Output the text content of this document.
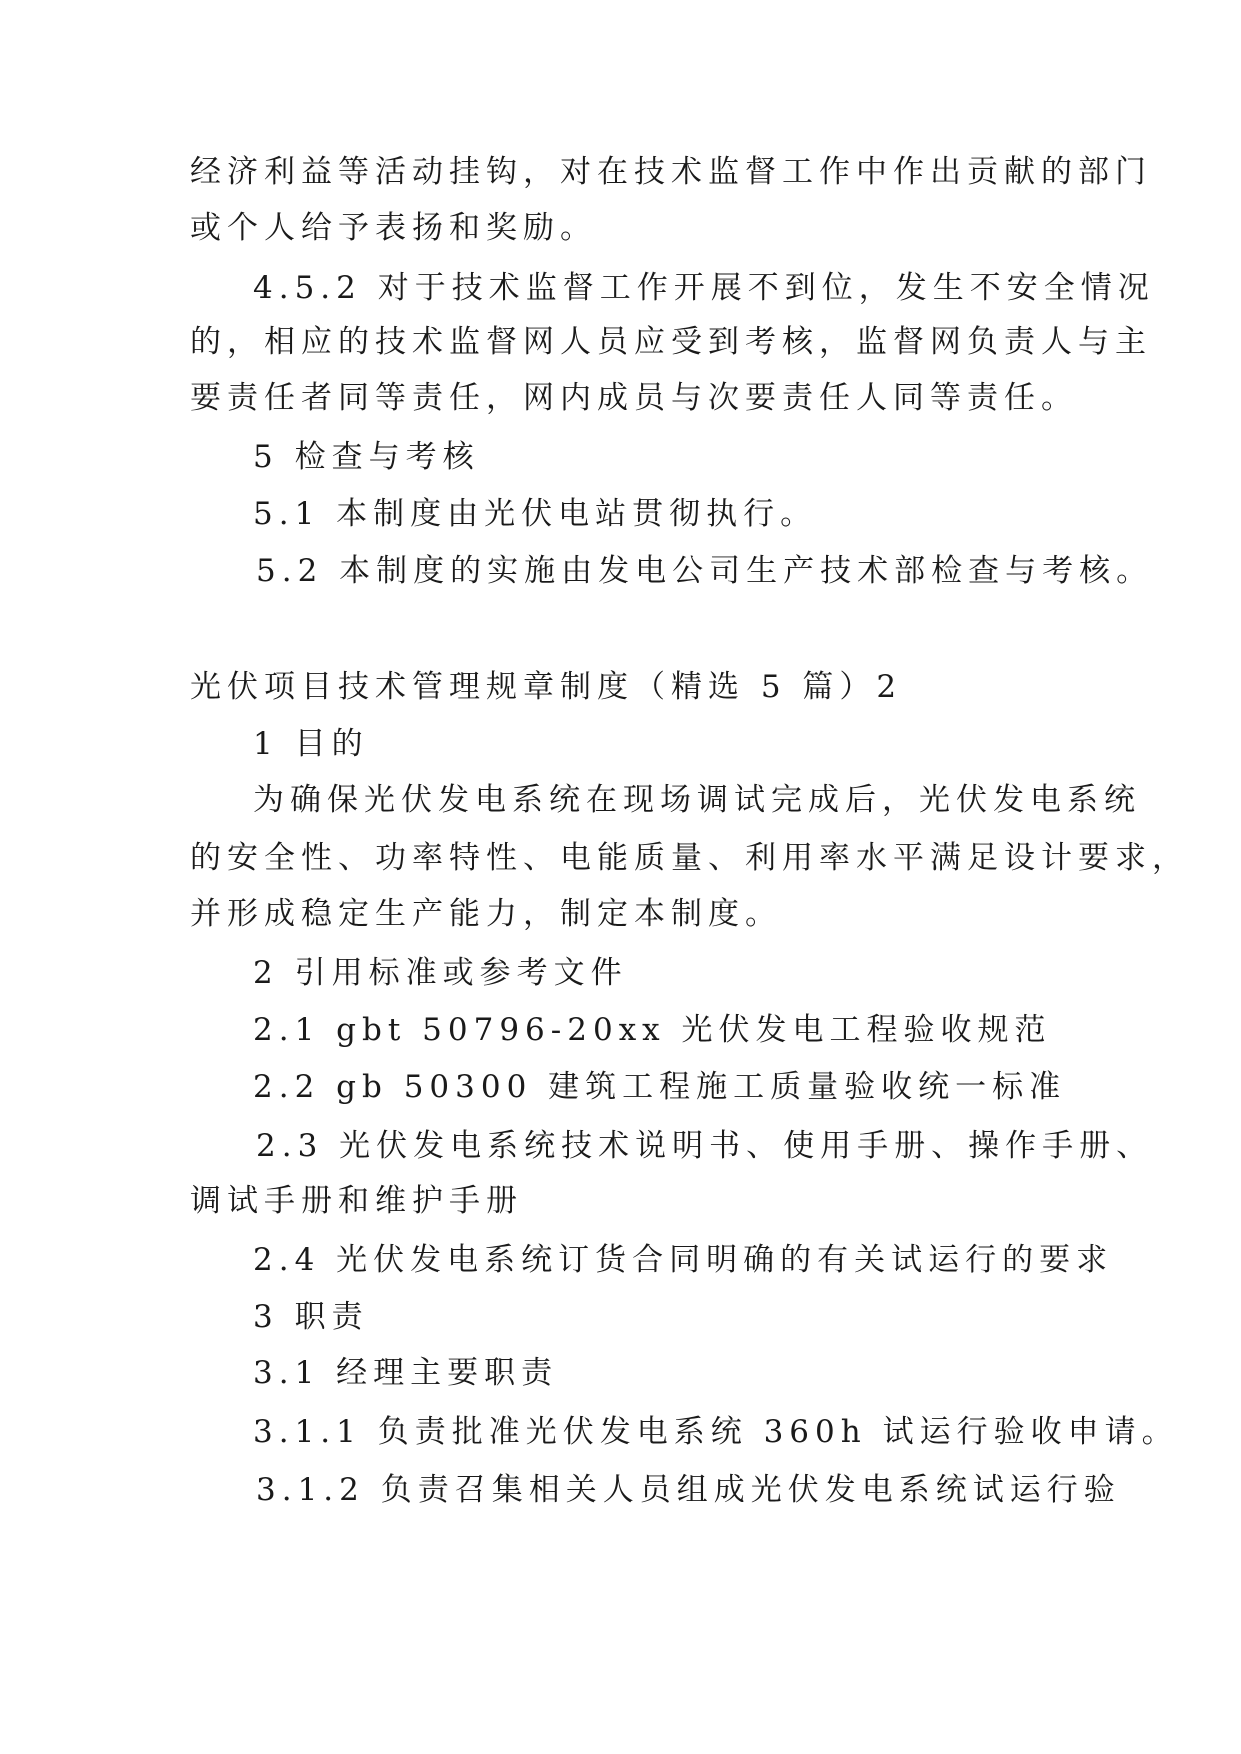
经济利益等活动挂钩，对在技术监督工作中作出贡献的部门
或个人给予表扬和奖励。
4.5.2 对于技术监督工作开展不到位，发生不安全情况
的，相应的技术监督网人员应受到考核，监督网负责人与主
要责任者同等责任，网内成员与次要责任人同等责任。
5 检查与考核
5.1 本制度由光伏电站贯彻执行。
5.2 本制度的实施由发电公司生产技术部检查与考核。
光伏项目技术管理规章制度（精选 5 篇）2
1 目的
为确保光伏发电系统在现场调试完成后，光伏发电系统
的安全性、功率特性、电能质量、利用率水平满足设计要求，
并形成稳定生产能力，制定本制度。
2 引用标准或参考文件
2.1 gbt 50796-20xx 光伏发电工程验收规范
2.2 gb 50300 建筑工程施工质量验收统一标准
2.3 光伏发电系统技术说明书、使用手册、操作手册、
调试手册和维护手册
2.4 光伏发电系统订货合同明确的有关试运行的要求
3 职责
3.1 经理主要职责
3.1.1 负责批准光伏发电系统 360h 试运行验收申请。
3.1.2 负责召集相关人员组成光伏发电系统试运行验
